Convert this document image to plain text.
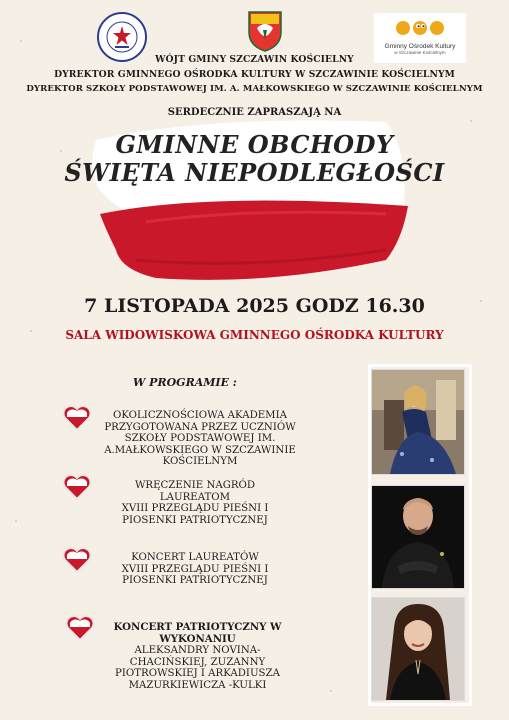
Gminny Ośrodek Kultury
w Szczawinie Kościelnym
WÓJT GMINY SZCZAWIN KOŚCIELNY
DYREKTOR GMINNEGO OŚRODKA KULTURY W SZCZAWINIE KOŚCIELNYM
DYREKTOR SZKOŁY PODSTAWOWEJ IM. A. MAŁKOWSKIEGO W SZCZAWINIE KOŚCIELNYM
SERDECZNIE ZAPRASZAJĄ NA
GMINNE OBCHODY
ŚWIĘTA NIEPODLEGŁOŚCI
7 LISTOPADA 2025 GODZ 16.30
SALA WIDOWISKOWA GMINNEGO OŚRODKA KULTURY
W PROGRAMIE :
OKOLICZNOŚCIOWA AKADEMIA
PRZYGOTOWANA PRZEZ UCZNIÓW
SZKOŁY PODSTAWOWEJ IM.
A.MAŁKOWSKIEGO W SZCZAWINIE
KOŚCIELNYM
WRĘCZENIE NAGRÓD
LAUREATOM
XVIII PRZEGLĄDU PIEŚNI I
PIOSENKI PATRIOTYCZNEJ
KONCERT LAUREATÓW
XVIII PRZEGLĄDU PIEŚNI I
PIOSENKI PATRIOTYCZNEJ
KONCERT PATRIOTYCZNY W
WYKONANIU
ALEKSANDRY NOVINA-
CHACIŃSKIEJ, ZUZANNY
PIOTROWSKIEJ I ARKADIUSZA
MAZURKIEWICZA -KULKI
